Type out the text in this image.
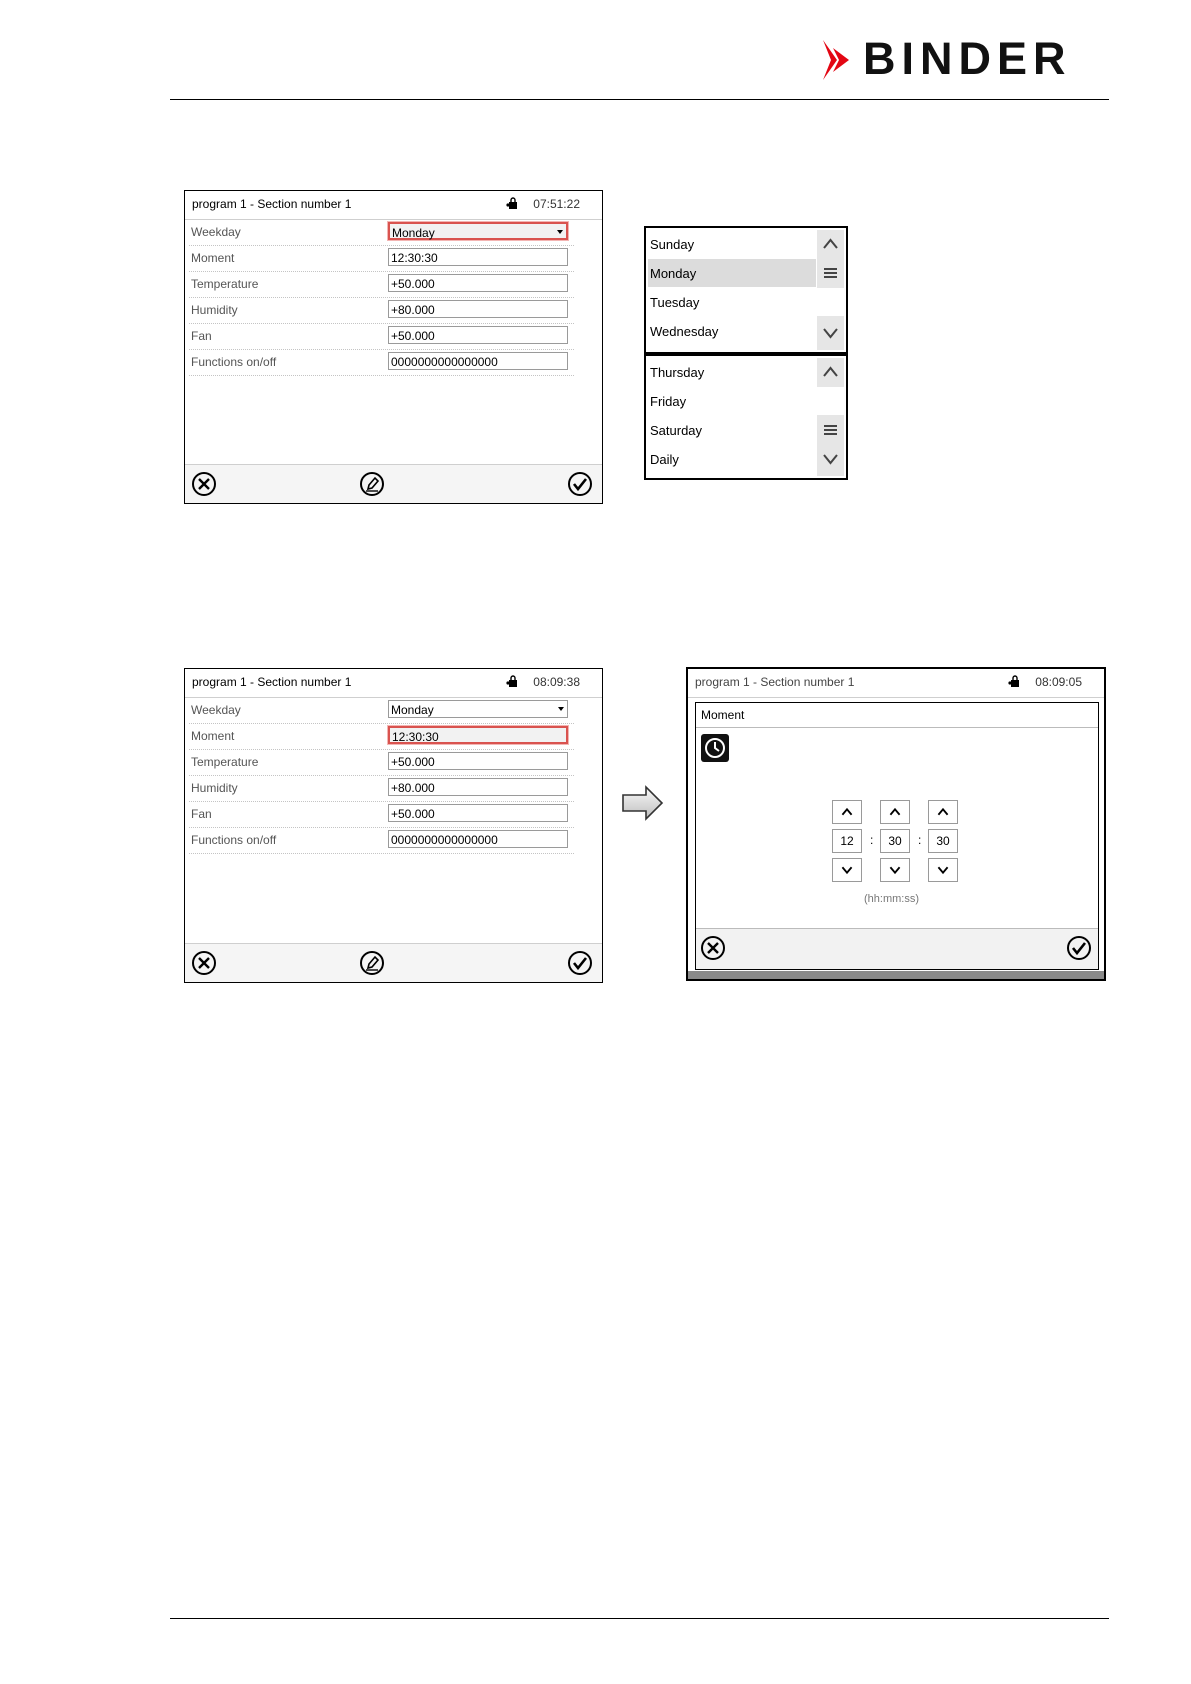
BINDER
program 1 - Section number 1	07:51:22
Weekday	Monday
Moment	12:30:30
Temperature	+50.000
Humidity	+80.000
Fan	+50.000
Functions on/off	0000000000000000
Sunday
Monday
Tuesday
Wednesday
Thursday
Friday
Saturday
Daily
program 1 - Section number 1	08:09:38
Weekday	Monday
Moment	12:30:30
Temperature	+50.000
Humidity	+80.000
Fan	+50.000
Functions on/off	0000000000000000
program 1 - Section number 1	08:09:05
Moment
12	:	30	:	30
(hh:mm:ss)
